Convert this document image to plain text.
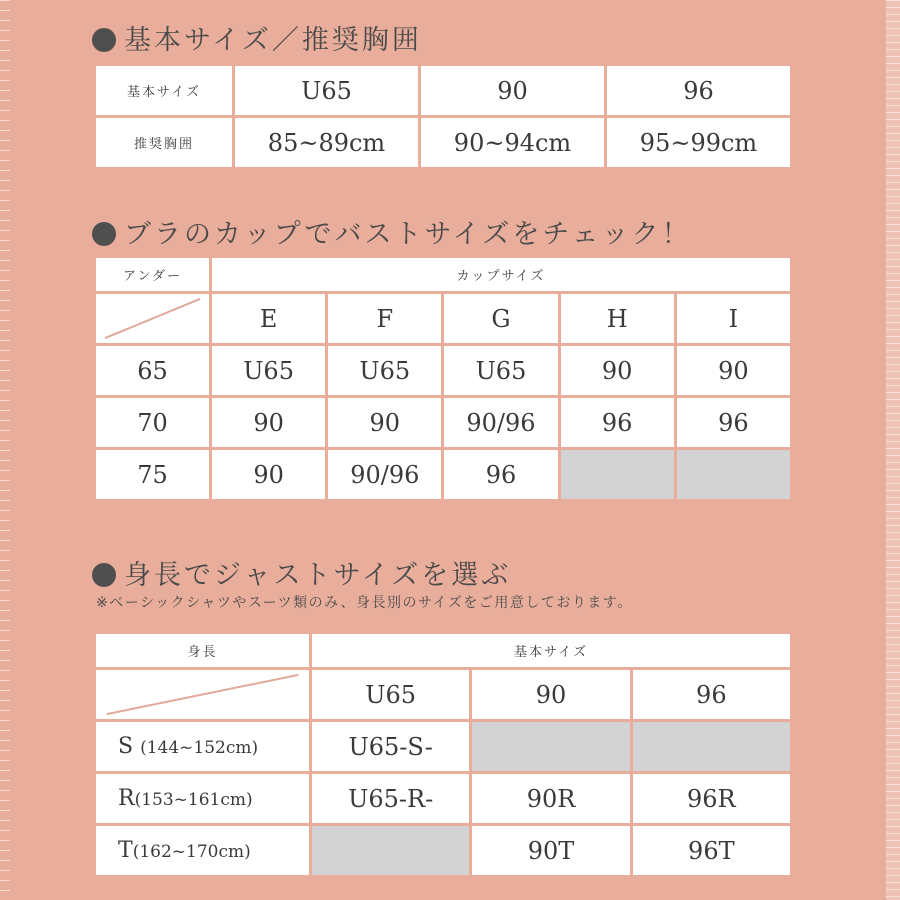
基本サイズ／推奨胸囲
基本サイズ	U65	90	96
推奨胸囲	85~89cm	90~94cm	95~99cm
ブラのカップでバストサイズをチェック！
アンダー	カップサイズ				

	E	F	G	H	I
65	U65	U65	U65	90	90
70	90	90	90/96	96	96
75	90	90/96	96		
身長でジャストサイズを選ぶ
※ベーシックシャツやスーツ類のみ、身長別のサイズをご用意しております。
身長	基本サイズ		

	U65	90	96
S (144~152cm)	U65-S-		
R(153~161cm)	U65-R-	90R	96R
T(162~170cm)		90T	96T
